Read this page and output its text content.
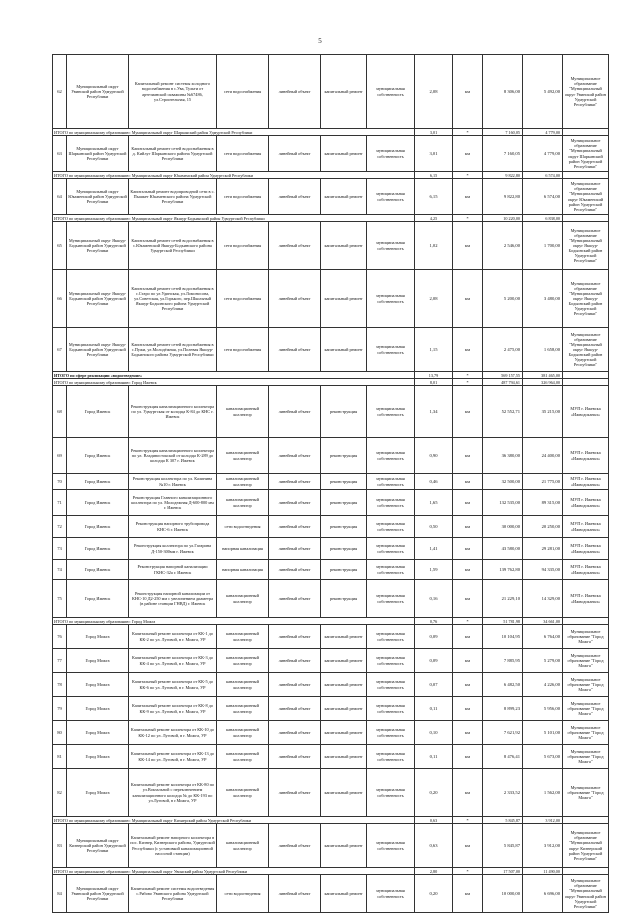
5
62	Муниципальный округ Увинский район Удмуртской Республики	Капитальный ремонт системы холодного водоснабжения в с.Ува, Тульти от артезианской скважины №67486, ул.Строительная, 15	сети водоснабжения	линейный объект	капитальный ремонт	муниципальная собственность	2,08	км	8 306,00	5 492,00	Муниципальное образование "Муниципальный округ Увинский район Удмуртской Республики"
ИТОГО по муниципальному образованию: Муниципальный округ Шарканский район Удмуртской Республики							3,01	*	7 160,05	4 779,00	
63	Муниципальный округ Шарканский район Удмуртской Республики	Капитальный ремонт сетей водоснабжения в д. Кийлуг Шарканского района Удмуртской Республики	сети водоснабжения	линейный объект	капитальный ремонт	муниципальная собственность	3,01	км	7 160,05	4 779,00	Муниципальное образование "Муниципальный округ Шарканский район Удмуртской Республики"
ИТОГО по муниципальному образованию: Муниципальный округ Юкаменский район Удмуртской Республики							6,15	*	9 822,80	6 574,00	
64	Муниципальный округ Юкаменский район Удмуртской Республики	Капитальный ремонт водопроводной сети в с. Пышкет Юкаменского района Удмуртской Республики	сети водоснабжения	линейный объект	капитальный ремонт	муниципальная собственность	6,15	км	9 822,80	6 574,00	Муниципальное образование "Муниципальный округ Юкаменский район Удмуртской Республики"
ИТОГО по муниципальному образованию: Муниципальный округ Якшур-Бодьинский район Удмуртской Республики							4,25	*	10 220,00	6 838,00	
65	Муниципальный округ Якшур-Бодьинский район Удмуртской Республики	Капитальный ремонт сетей водоснабжения в с.Юкаменский Якшур-Бодьинского района Удмуртской Республики	сети водоснабжения	линейный объект	капитальный ремонт	муниципальная собственность	1,02	км	2 546,00	1 700,00	Муниципальное образование "Муниципальный округ Якшур-Бодьинский район Удмуртской Республики"
66	Муниципальный округ Якшур-Бодьинский район Удмуртской Республики	Капитальный ремонт сетей водоснабжения в с.Старо по ул.Удинская, ул.Ломоносова, ул.Советская, ул.Горького, пер.Школьный Якшур-Бодьинского района Удмуртской Республики	сети водоснабжения	линейный объект	капитальный ремонт	муниципальная собственность	2,08	км	5 200,00	3 480,00	Муниципальное образование "Муниципальный округ Якшур-Бодьинский район Удмуртской Республики"
67	Муниципальный округ Якшур-Бодьинский район Удмуртской Республики	Капитальный ремонт сетей водоснабжения в с.Пужи, ул.Молодёжная, ул.Полевая Якшур-Бодьинского района Удмуртской Республики	сети водоснабжения	линейный объект	капитальный ремонт	муниципальная собственность	1,15	км	2 475,00	1 658,00	Муниципальное образование "Муниципальный округ Якшур-Бодьинский район Удмуртской Республики"
ИТОГО по сфере реализации «водоотведение»							13,79	*	569 157,55	381 465,00	
ИТОГО по муниципальному образованию: Город Ижевск							8,01	*	487 794,61	326 964,00	
68	Город Ижевск	Реконструкция канализационного коллектора по ул. Удмуртская от колодца К-84 до КНС г. Ижевск	канализационный коллектор	линейный объект	реконструкция	муниципальная собственность	1,34	км	52 552,71	35 215,00	МУП г. Ижевска «Ижводоканал»
69	Город Ижевск	Реконструкция канализационного коллектора по ул. Владивостокской от колодца К-289 до колодца К 307 г. Ижевск	канализационный коллектор	линейный объект	реконструкция	муниципальная собственность	0,90	км	36 380,00	24 400,00	МУП г. Ижевска «Ижводоканал»
70	Город Ижевск	Реконструкция коллектора по ул. Калинина №10 г. Ижевск	канализационный коллектор	линейный объект	реконструкция	муниципальная собственность	0,46	км	32 500,00	21 775,00	МУП г. Ижевска «Ижводоканал»
71	Город Ижевск	Реконструкция Главного канализационного коллектора по ул. Молодежная Д-600-800 мм г. Ижевск	канализационный коллектор	линейный объект	реконструкция	муниципальная собственность	1,65	км	132 535,00	89 315,00	МУП г. Ижевска «Ижводоканал»
72	Город Ижевск	Реконструкция напорного трубопровода КНС-6 г. Ижевск	сети водоотведения	линейный объект	реконструкция	муниципальная собственность	0,50	км	30 000,00	20 250,00	МУП г. Ижевска «Ижводоканал»
73	Город Ижевск	Реконструкция коллектора по ул.Гагарина Д-150-300мм г. Ижевск	напорная канализация	линейный объект	реконструкция	муниципальная собственность	1,41	км	43 580,00	29 281,00	МУП г. Ижевска «Ижводоканал»
74	Город Ижевск	Реконструкция напорной канализации ГКНС-32а г. Ижевск	напорная канализация	линейный объект	реконструкция	муниципальная собственность	1,59	км	139 762,80	94 335,00	МУП г. Ижевска «Ижводоканал»
75	Город Ижевск	Реконструкция напорной канализации от КНС-10 Д2-250 мм с увеличением диаметра (в районе станции ГНВД) г. Ижевск	канализационный коллектор	линейный объект	реконструкция	муниципальная собственность	0,16	км	21 229,10	14 329,00	МУП г. Ижевска «Ижводоканал»
ИТОГО по муниципальному образованию: Город Можга							0,76	*	51 781,98	34 661,00	
76	Город Можга	Капитальный ремонт коллектора от КК-1 до КК-2 по ул. Луговой, в г. Можга, УР	канализационный коллектор	линейный объект	капитальный ремонт	муниципальная собственность	0,09	км	10 104,95	6 764,00	Муниципальное образование "Город Можга"
77	Город Можга	Капитальный ремонт коллектора от КК-3 до КК-4 по ул. Луговой, в г. Можга, УР	канализационный коллектор	линейный объект	капитальный ремонт	муниципальная собственность	0,09	км	7 885,95	5 279,00	Муниципальное образование "Город Можга"
78	Город Можга	Капитальный ремонт коллектора от КК-5 до КК-6 по ул. Луговой, в г. Можга, УР	канализационный коллектор	линейный объект	капитальный ремонт	муниципальная собственность	0,07	км	6 482,50	4 226,00	Муниципальное образование "Город Можга"
79	Город Можга	Капитальный ремонт коллектора от КК-8 до КК-9 по ул. Луговой, в г. Можга, УР	канализационный коллектор	линейный объект	капитальный ремонт	муниципальная собственность	0,11	км	8 899,23	5 956,00	Муниципальное образование "Город Можга"
80	Город Можга	Капитальный ремонт коллектора от КК-10 до КК-12 по ул. Луговой, в г. Можга, УР	канализационный коллектор	линейный объект	капитальный ремонт	муниципальная собственность	0,10	км	7 621,92	5 101,00	Муниципальное образование "Город Можга"
81	Город Можга	Капитальный ремонт коллектора от КК-13 до КК-14 по ул. Луговой, в г. Можга, УР	канализационный коллектор	линейный объект	капитальный ремонт	муниципальная собственность	0,11	км	8 476,41	5 673,00	Муниципальное образование "Город Можга"
82	Город Можга	Капитальный ремонт коллектора от КК-80 по ул.Вокзальной с переключением канализационного колодца № до КК-193 по ул.Луговой, в г.Можга, УР	канализационный коллектор	линейный объект	капитальный ремонт	муниципальная собственность	0,20	км	2 333,52	1 562,00	Муниципальное образование "Город Можга"
ИТОГО по муниципальному образованию: Муниципальный округ Кизнерский район Удмуртской Республики							0,63	*	5 845,87	3 912,00	
83	Муниципальный округ Кизнерский район Удмуртской Республики	Капитальный ремонт напорного коллектора в пос. Кизнер, Кизнерского района, Удмуртской Республики (с установкой канализационной насосной станции)	канализационный коллектор	линейный объект	капитальный ремонт	муниципальная собственность	0,63	км	5 845,87	3 912,00	Муниципальное образование "Муниципальный округ Кизнерский район Удмуртской Республики"
ИТОГО по муниципальному образованию: Муниципальный округ Увинский район Удмуртской Республики							2,80	*	17 507,00	11 490,00	
84	Муниципальный округ Увинский район Удмуртской Республики	Капитальный ремонт системы водоотведения с.Рябово Увинского района Удмуртской Республики	сети водоотведения	линейный объект	капитальный ремонт	муниципальная собственность	0,20	км	10 000,00	6 696,00	Муниципальное образование "Муниципальный округ Увинский район Удмуртской Республики"
